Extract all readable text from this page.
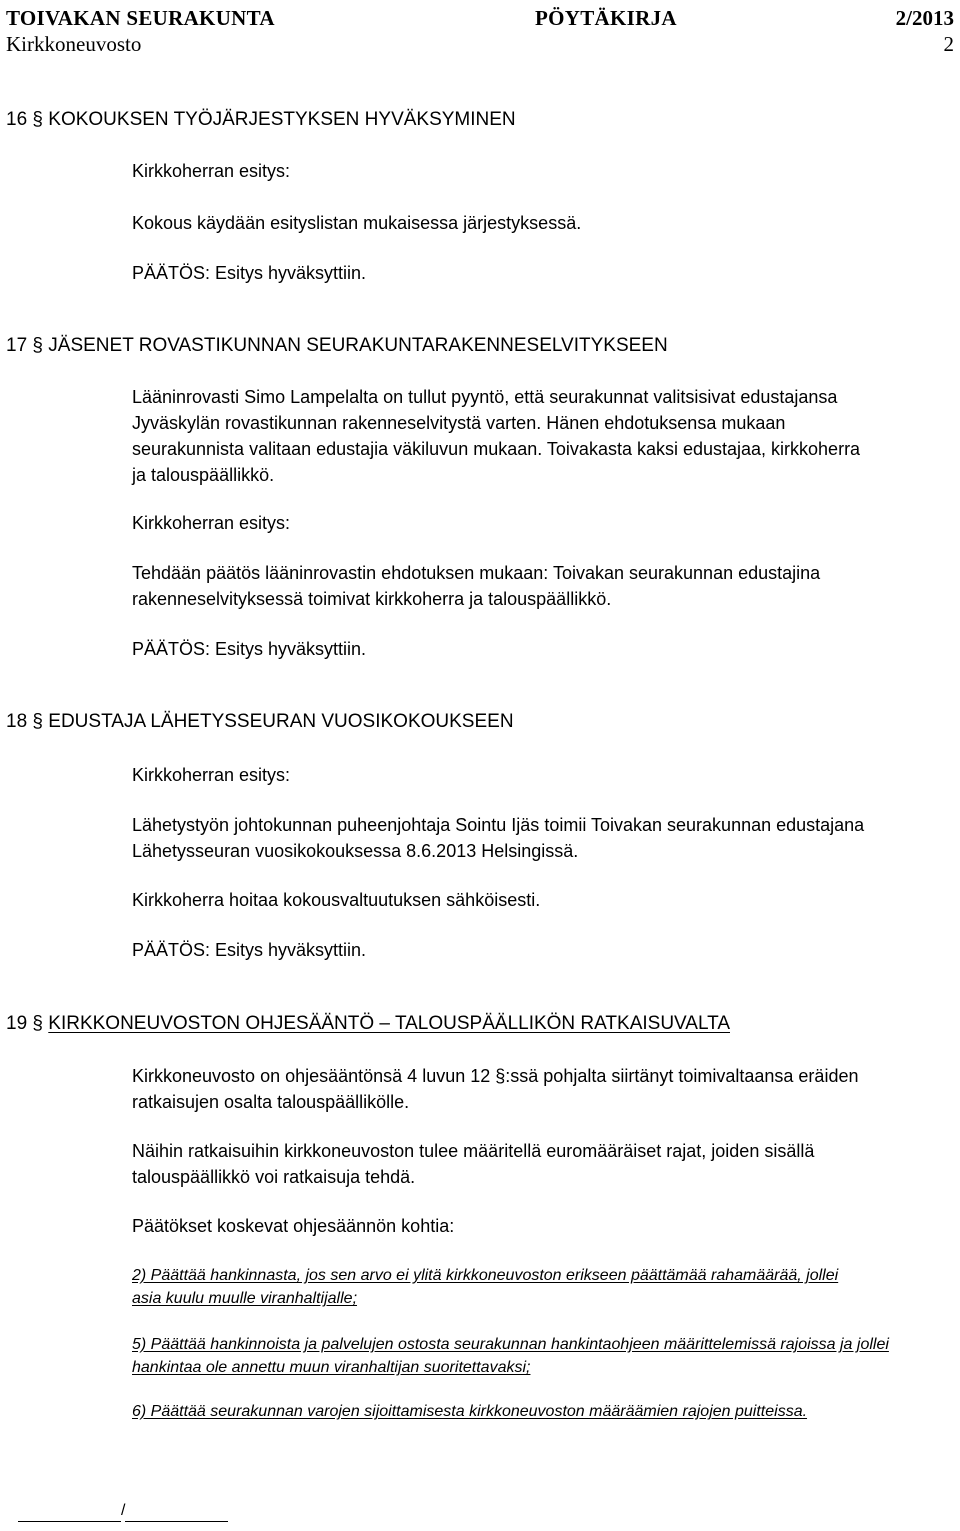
TOIVAKAN SEURAKUNTA	PÖYTÄKIRJA	2/2013
Kirkkoneuvosto	2
16 § KOKOUKSEN TYÖJÄRJESTYKSEN HYVÄKSYMINEN
Kirkkoherran esitys:
Kokous käydään esityslistan mukaisessa järjestyksessä.
PÄÄTÖS: Esitys hyväksyttiin.
17 § JÄSENET ROVASTIKUNNAN SEURAKUNTARAKENNESELVITYKSEEN
Lääninrovasti Simo Lampelalta on tullut pyyntö, että seurakunnat valitsisivat edustajansa Jyväskylän rovastikunnan rakenneselvitystä varten. Hänen ehdotuksensa mukaan seurakunnista valitaan edustajia väkiluvun mukaan. Toivakasta kaksi edustajaa, kirkkoherra ja talouspäällikkö.
Kirkkoherran esitys:
Tehdään päätös lääninrovastin ehdotuksen mukaan: Toivakan seurakunnan edustajina rakenneselvityksessä toimivat kirkkoherra ja talouspäällikkö.
PÄÄTÖS: Esitys hyväksyttiin.
18 § EDUSTAJA LÄHETYSSEURAN VUOSIKOKOUKSEEN
Kirkkoherran esitys:
Lähetystyön johtokunnan puheenjohtaja Sointu Ijäs toimii Toivakan seurakunnan edustajana Lähetysseuran vuosikokouksessa 8.6.2013 Helsingissä.
Kirkkoherra hoitaa kokousvaltuutuksen sähköisesti.
PÄÄTÖS: Esitys hyväksyttiin.
19 § KIRKKONEUVOSTON OHJESÄÄNTÖ – TALOUSPÄÄLLIKÖN RATKAISUVALTA
Kirkkoneuvosto on ohjesääntönsä 4 luvun 12 §:ssä pohjalta siirtänyt toimivaltaansa eräiden ratkaisujen osalta talouspäällikölle.
Näihin ratkaisuihin kirkkoneuvoston tulee määritellä euromääräiset rajat, joiden sisällä talouspäällikkö voi ratkaisuja tehdä.
Päätökset koskevat ohjesäännön kohtia:
2) Päättää hankinnasta, jos sen arvo ei ylitä kirkkoneuvoston erikseen päättämää rahamäärää, jollei asia kuulu muulle viranhaltijalle;
5) Päättää hankinnoista ja palvelujen ostosta seurakunnan hankintaohjeen määrittelemissä rajoissa ja jollei hankintaa ole annettu muun viranhaltijan suoritettavaksi;
6) Päättää seurakunnan varojen sijoittamisesta kirkkoneuvoston määräämien rajojen puitteissa.
/
